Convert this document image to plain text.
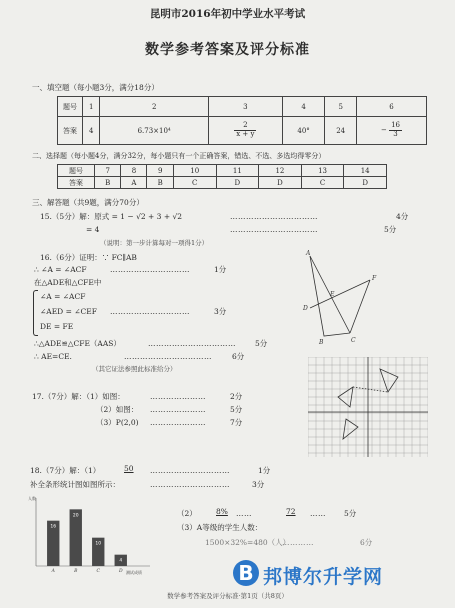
昆明市2016年初中学业水平考试
数学参考答案及评分标准
一、填空题（每小题3分，满分18分）
题号	1	2	3	4	5	6
答案	4	6.73×10⁴	$\frac{2}{x + y}$	40°	24	− $\frac{16}{3}$
二、选择题（每小题4分，满分32分，每小题只有一个正确答案，错选、不选、多选均得零分）
题号	7	8	9	10	11	12	13	14
答案	B	A	B	C	D	D	C	D
三、解答题（共9题，满分70分）
15.（5分）解：原式 = 1 − √2 + 3 + √2	……………………………	4分
= 4	……………………………	5分
（说明：第一步计算每对一项得1分）
16.（6分）证明：∵ FC∥AB
∴ ∠A = ∠ACF	…………………………	1分
在△ADE和△CFE中
∠A = ∠ACF
∠AED = ∠CEF …………………………	3分
DE = FE
∴△ADE≌△CFE（AAS）	……………………………	5分
∴ AE=CE.	……………………………	6分
（其它证法参照此标准给分）
A
F
E
D
B	C
17.（7分）解：（1）如图：	…………………	2分
（2）如图： …………………	5分
（3）P(2,0) …………………	7分
18.（7分）解：（1）	50 …………………………	1分
补全条形统计图如图所示：	…………………………	3分
（2）	8% ……	72 …… 5分
（3）A等级的学生人数：
1500×32%=480（人）
…………	6分
人数
测试成绩
16
A
20
B
10
C
4
D	B 邦博尔升学网
数学参考答案及评分标准·第1页（共8页）
